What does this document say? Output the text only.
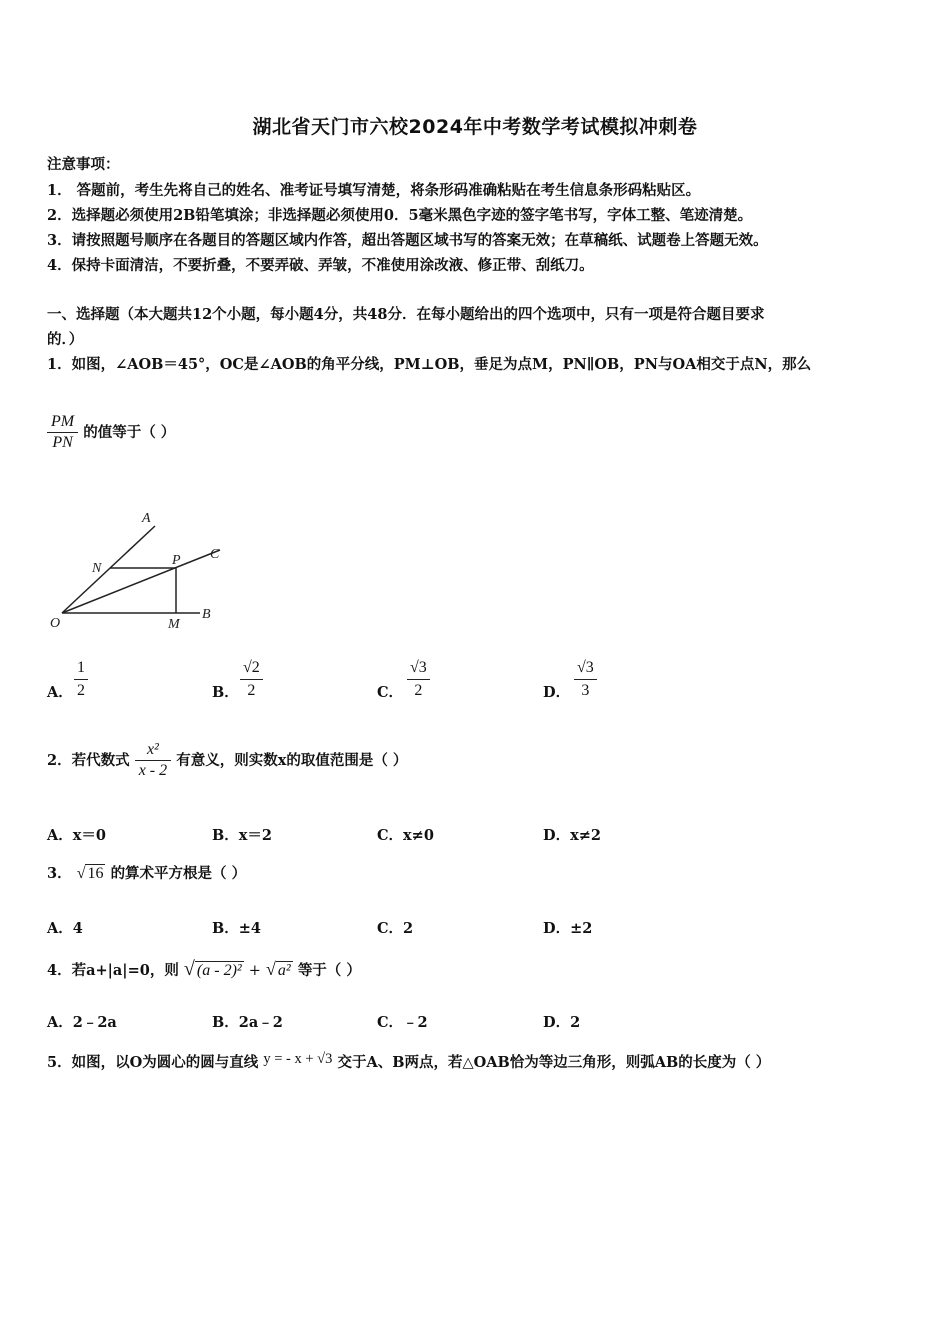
湖北省天门市六校2024年中考数学考试模拟冲刺卷
注意事项：
1． 答题前，考生先将自己的姓名、准考证号填写清楚，将条形码准确粘贴在考生信息条形码粘贴区。
2．选择题必须使用2B铅笔填涂；非选择题必须使用0．5毫米黑色字迹的签字笔书写，字体工整、笔迹清楚。
3．请按照题号顺序在各题目的答题区域内作答，超出答题区域书写的答案无效；在草稿纸、试题卷上答题无效。
4．保持卡面清洁，不要折叠，不要弄破、弄皱，不准使用涂改液、修正带、刮纸刀。
一、选择题（本大题共12个小题，每小题4分，共48分．在每小题给出的四个选项中，只有一项是符合题目要求
的．）
1．如图，∠AOB＝45°，OC是∠AOB的角平分线，PM⊥OB，垂足为点M，PN∥OB，PN与OA相交于点N，那么
$\frac{PM}{PN}$ 的值等于（ ）
A
C
N
P
O	M
B
A． $\frac{1}{2}$	B． $\frac{√2}{2}$	C． $\frac{√3}{2}$	D． $\frac{√3}{3}$
2．若代数式 $\frac{\text{x²}}{x - 2}$ 有意义，则实数x的取值范围是（ ）
A．x＝0	B．x＝2	C．x≠0	D．x≠2
3． √ 16 的算术平方根是（ ）
A．4	B．±4	C．2	D．±2
4．若a+|a|=0，则 √ (a - 2)² + √ a² 等于（ ）
A．2﹣2a	B．2a﹣2	C．﹣2	D．2
5．如图，以O为圆心的圆与直线 y = - x + √3 交于A、B两点，若△OAB恰为等边三角形，则弧AB的长度为（ ）
